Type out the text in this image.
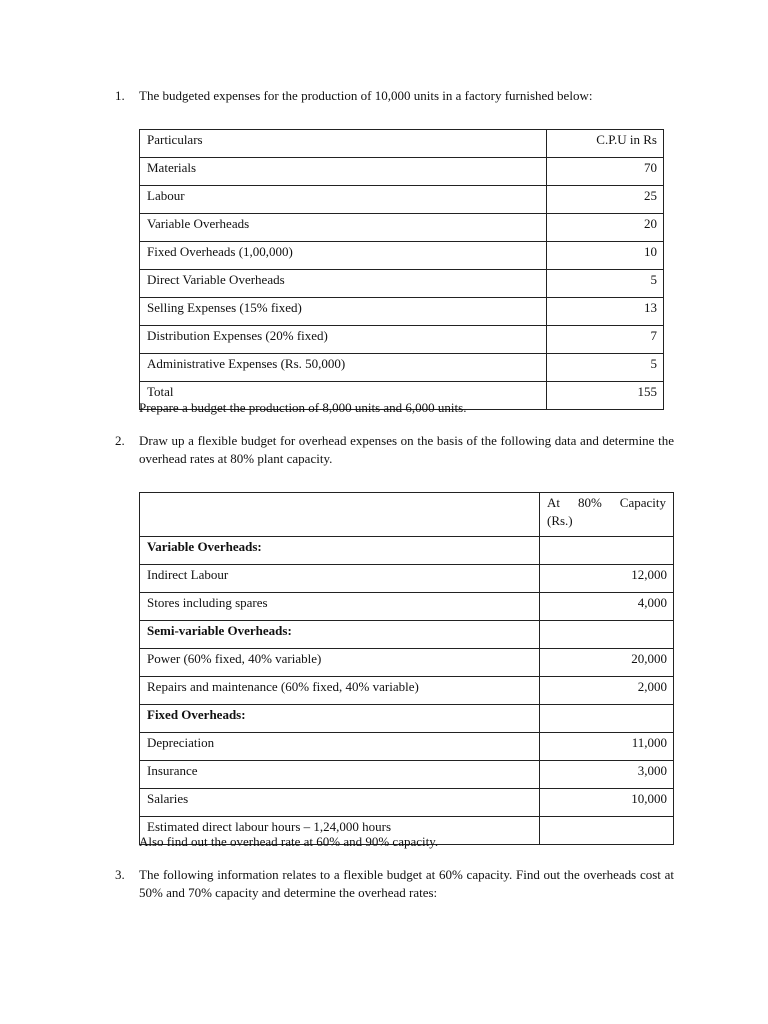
1. The budgeted expenses for the production of 10,000 units in a factory furnished below:
Particulars	C.P.U in Rs
Materials	70
Labour	25
Variable Overheads	20
Fixed Overheads (1,00,000)	10
Direct Variable Overheads	5
Selling Expenses (15% fixed)	13
Distribution Expenses (20% fixed)	7
Administrative Expenses (Rs. 50,000)	5
Total	155
Prepare a budget the production of 8,000 units and 6,000 units.
2. Draw up a flexible budget for overhead expenses on the basis of the following data and determine the overhead rates at 80% plant capacity.

	At 80% Capacity
(Rs.)
Variable Overheads:	
Indirect Labour	12,000
Stores including spares	4,000
Semi-variable Overheads:	
Power (60% fixed, 40% variable)	20,000
Repairs and maintenance (60% fixed, 40% variable)	2,000
Fixed Overheads:	
Depreciation	11,000
Insurance	3,000
Salaries	10,000
Estimated direct labour hours – 1,24,000 hours	
Also find out the overhead rate at 60% and 90% capacity.
3. The following information relates to a flexible budget at 60% capacity. Find out the overheads cost at 50% and 70% capacity and determine the overhead rates:
